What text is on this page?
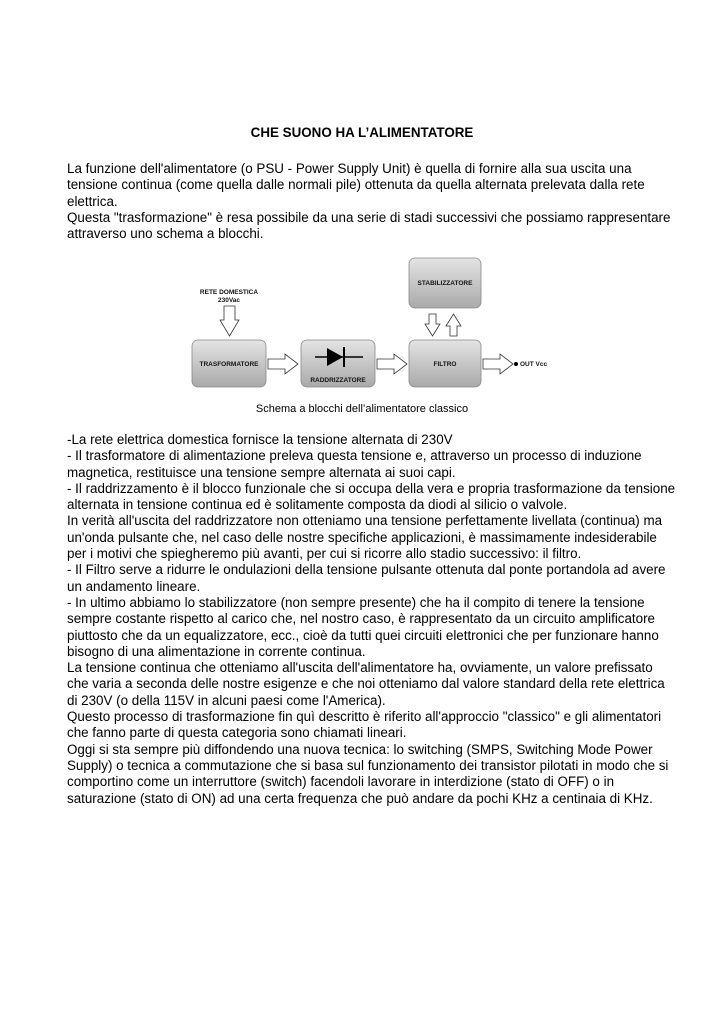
CHE SUONO HA L’ALIMENTATORE

La funzione dell'alimentatore (o PSU - Power Supply Unit) è quella di fornire alla sua uscita una tensione continua (come quella dalle normali pile) ottenuta da quella alternata prelevata dalla rete elettrica.

Questa "trasformazione" è resa possibile da una serie di stadi successivi che possiamo rappresentare attraverso uno schema a blocchi.

RETE DOMESTICA
230Vac
TRASFORMATORE
RADDRIZZATORE
FILTRO
STABILIZZATORE
OUT Vcc
Schema a blocchi dell’alimentatore classico

-La rete elettrica domestica fornisce la tensione alternata di 230V

- Il trasformatore di alimentazione preleva questa tensione e, attraverso un processo di induzione magnetica, restituisce una tensione sempre alternata ai suoi capi.

- Il raddrizzamento è il blocco funzionale che si occupa della vera e propria trasformazione da tensione alternata in tensione continua ed è solitamente composta da diodi al silicio o valvole.

In verità all'uscita del raddrizzatore non otteniamo una tensione perfettamente livellata (continua) ma un'onda pulsante che, nel caso delle nostre specifiche applicazioni, è massimamente indesiderabile per i motivi che spiegheremo più avanti, per cui si ricorre allo stadio successivo: il filtro.

- Il Filtro serve a ridurre le ondulazioni della tensione pulsante ottenuta dal ponte portandola ad avere un andamento lineare.

- In ultimo abbiamo lo stabilizzatore (non sempre presente) che ha il compito di tenere la tensione sempre costante rispetto al carico che, nel nostro caso, è rappresentato da un circuito amplificatore piuttosto che da un equalizzatore, ecc., cioè da tutti quei circuiti elettronici che per funzionare hanno bisogno di una alimentazione in corrente continua.

La tensione continua che otteniamo all'uscita dell'alimentatore ha, ovviamente, un valore prefissato che varia a seconda delle nostre esigenze e che noi otteniamo dal valore standard della rete elettrica di 230V (o della 115V in alcuni paesi come l'America).

Questo processo di trasformazione fin quì descritto è riferito all'approccio "classico" e gli alimentatori che fanno parte di questa categoria sono chiamati lineari.

Oggi si sta sempre più diffondendo una nuova tecnica: lo switching (SMPS, Switching Mode Power Supply) o tecnica a commutazione che si basa sul funzionamento dei transistor pilotati in modo che si comportino come un interruttore (switch) facendoli lavorare in interdizione (stato di OFF) o in saturazione (stato di ON) ad una certa frequenza che può andare da pochi KHz a centinaia di KHz.
